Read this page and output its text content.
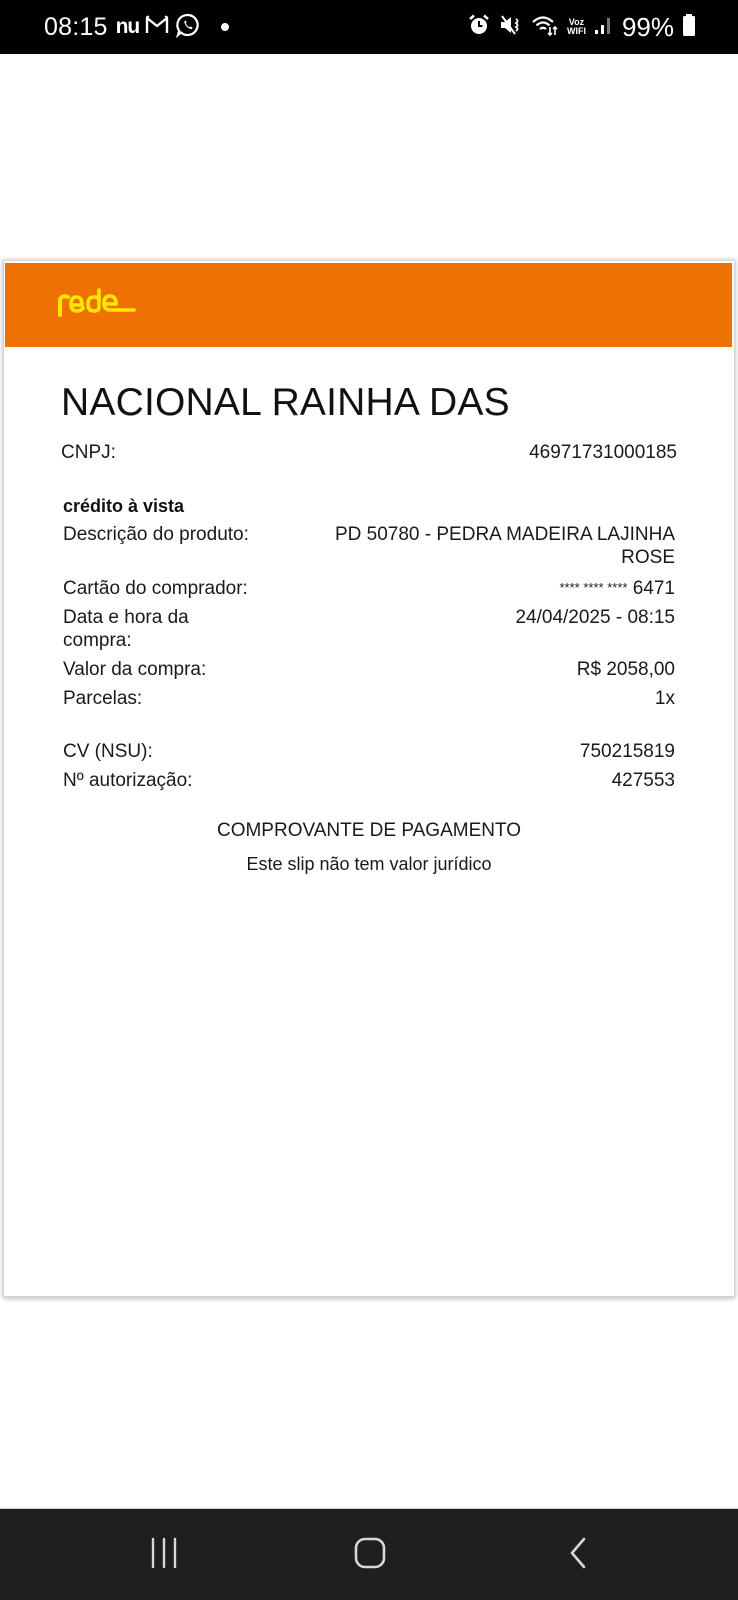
08:15 nu	Voz
WIFI 99%
NACIONAL RAINHA DAS
CNPJ:	46971731000185
crédito à vista
Descrição do produto:	PD 50780 - PEDRA MADEIRA LAJINHA
ROSE
Cartão do comprador:	**** **** **** 6471
Data e hora da
compra:
24/04/2025 - 08:15
Valor da compra:	R$ 2058,00
Parcelas:	1x
CV (NSU):	750215819
Nº autorização:	427553
COMPROVANTE DE PAGAMENTO
Este slip não tem valor jurídico
